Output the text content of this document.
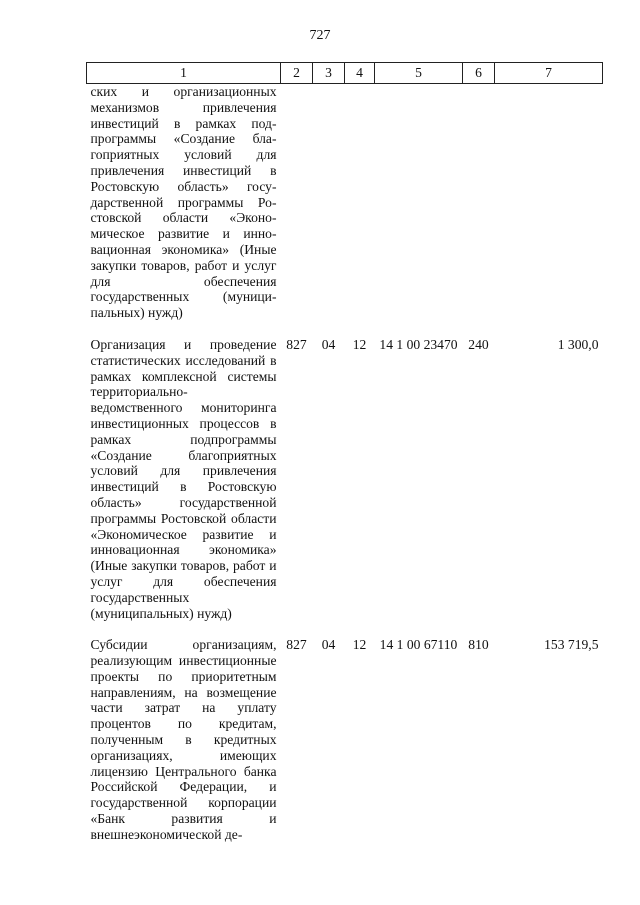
727
1	2	3	4	5	6	7
ских и организационных механизмов привлечения инвестиций в рамках подпрограммы «Создание благоприятных условий для привлечения инвестиций в Ростовскую область» государственной программы Ростовской области «Экономическое развитие и инновационная экономика» (Иные закупки товаров, работ и услуг для обеспечения государственных (муниципальных) нужд)						
Организация и проведение статистических исследований в рамках комплексной системы территориально-ведомственного мониторинга инвестиционных процессов в рамках подпрограммы «Создание благоприятных условий для привлечения инвестиций в Ростовскую область» государственной программы Ростовской области «Экономическое развитие и инновационная экономика» (Иные закупки товаров, работ и услуг для обеспечения государственных (муниципальных) нужд)	827	04	12	14 1 00 23470	240	1 300,0
Субсидии организациям, реализующим инвестиционные проекты по приоритетным направлениям, на возмещение части затрат на уплату процентов по кредитам, полученным в кредитных организациях, имеющих лицензию Центрального банка Российской Федерации, и государственной корпорации «Банк развития и внешнеэкономической де-	827	04	12	14 1 00 67110	810	153 719,5
